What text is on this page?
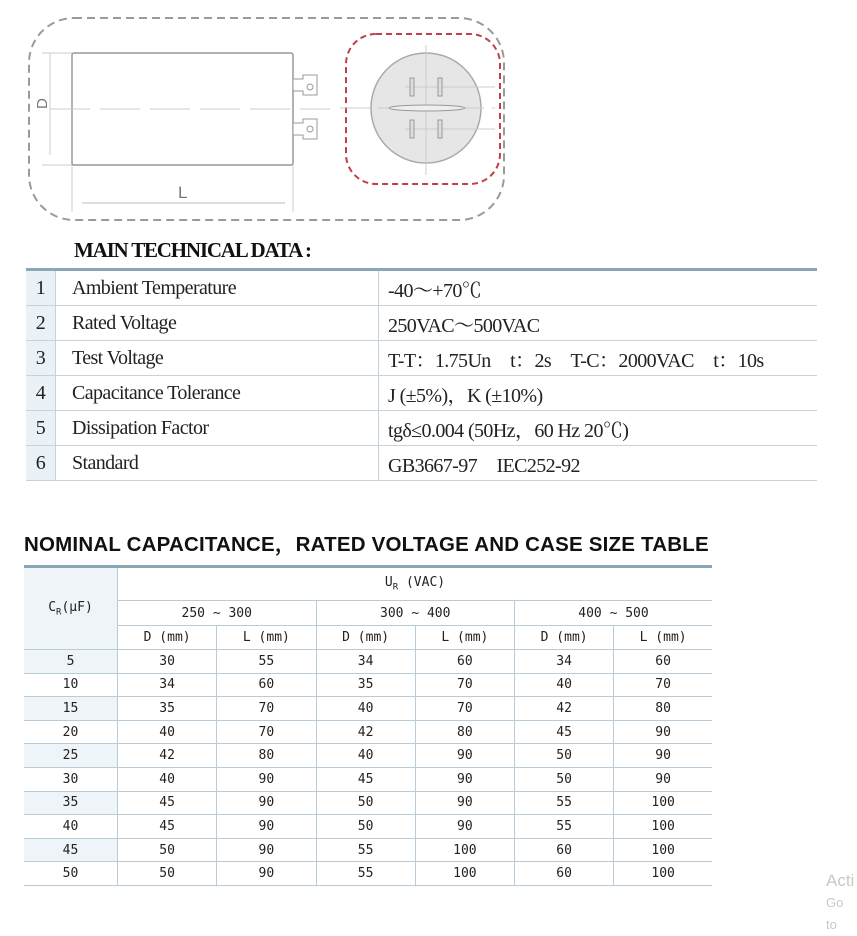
D
L
MAIN TECHNICAL DATA :
1	Ambient Temperature	-40～+70℃
2	Rated Voltage	250VAC～500VAC
3	Test Voltage	T-T：1.75Un　t：2s　T-C：2000VAC　t：10s
4	Capacitance Tolerance	J (±5%)，K (±10%)
5	Dissipation Factor	tgδ≤0.004 (50Hz，60 Hz 20℃)
6	Standard	GB3667-97　IEC252-92
NOMINAL CAPACITANCE，RATED VOLTAGE AND CASE SIZE TABLE
$C_R(\mu F)$	$U_R$ (VAC)					
	250 ~ 300		300 ~ 400		400 ~ 500	
	D (mm)	L (mm)	D (mm)	L (mm)	D (mm)	L (mm)
5	30	55	34	60	34	60
10	34	60	35	70	40	70
15	35	70	40	70	42	80
20	40	70	42	80	45	90
25	42	80	40	90	50	90
30	40	90	45	90	50	90
35	45	90	50	90	55	100
40	45	90	50	90	55	100
45	50	90	55	100	60	100
50	50	90	55	100	60	100	Acti
Go to
